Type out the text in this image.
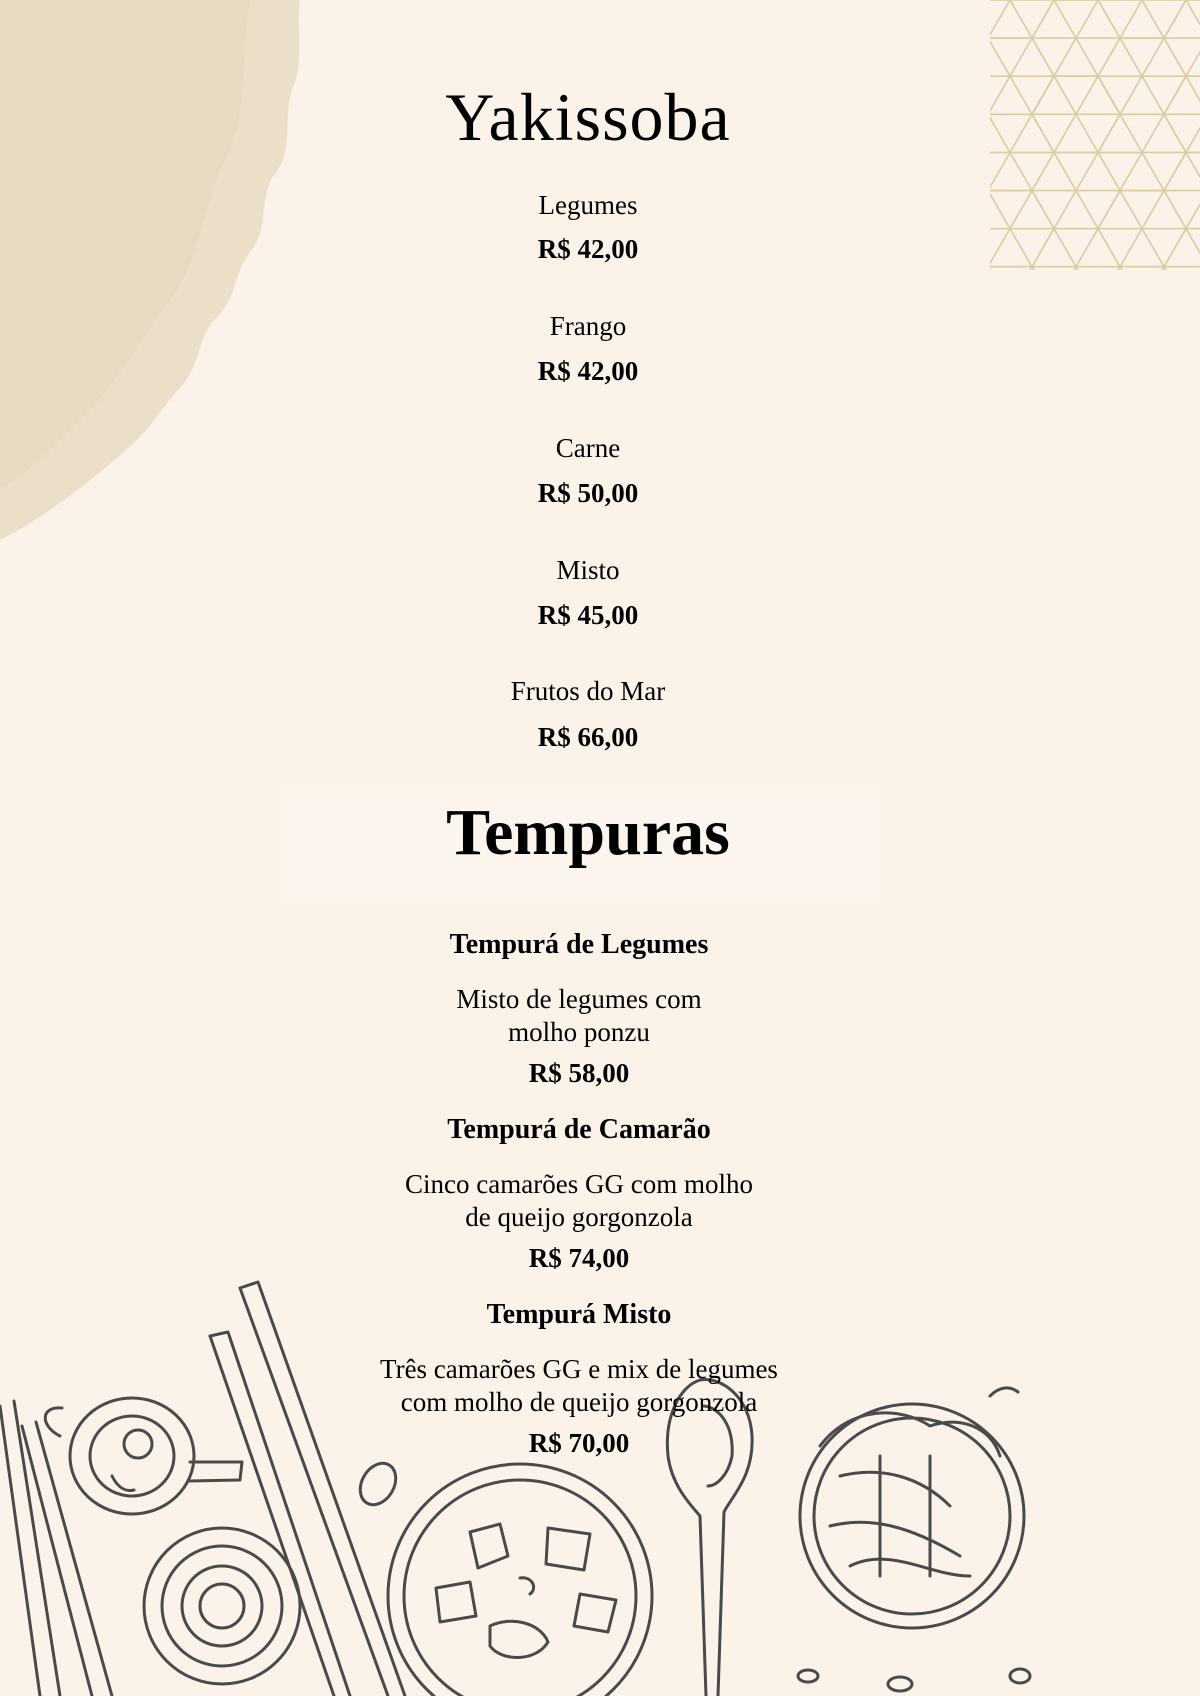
Yakissoba
Legumes
R$ 42,00
Frango
R$ 42,00
Carne
R$ 50,00
Misto
R$ 45,00
Frutos do Mar
R$ 66,00
Tempuras
Tempurá de Legumes
Misto de legumes com
molho ponzu
R$ 58,00
Tempurá de Camarão
Cinco camarões GG com molho
de queijo gorgonzola
R$ 74,00
Tempurá Misto
Três camarões GG e mix de legumes
com molho de queijo gorgonzola
R$ 70,00
